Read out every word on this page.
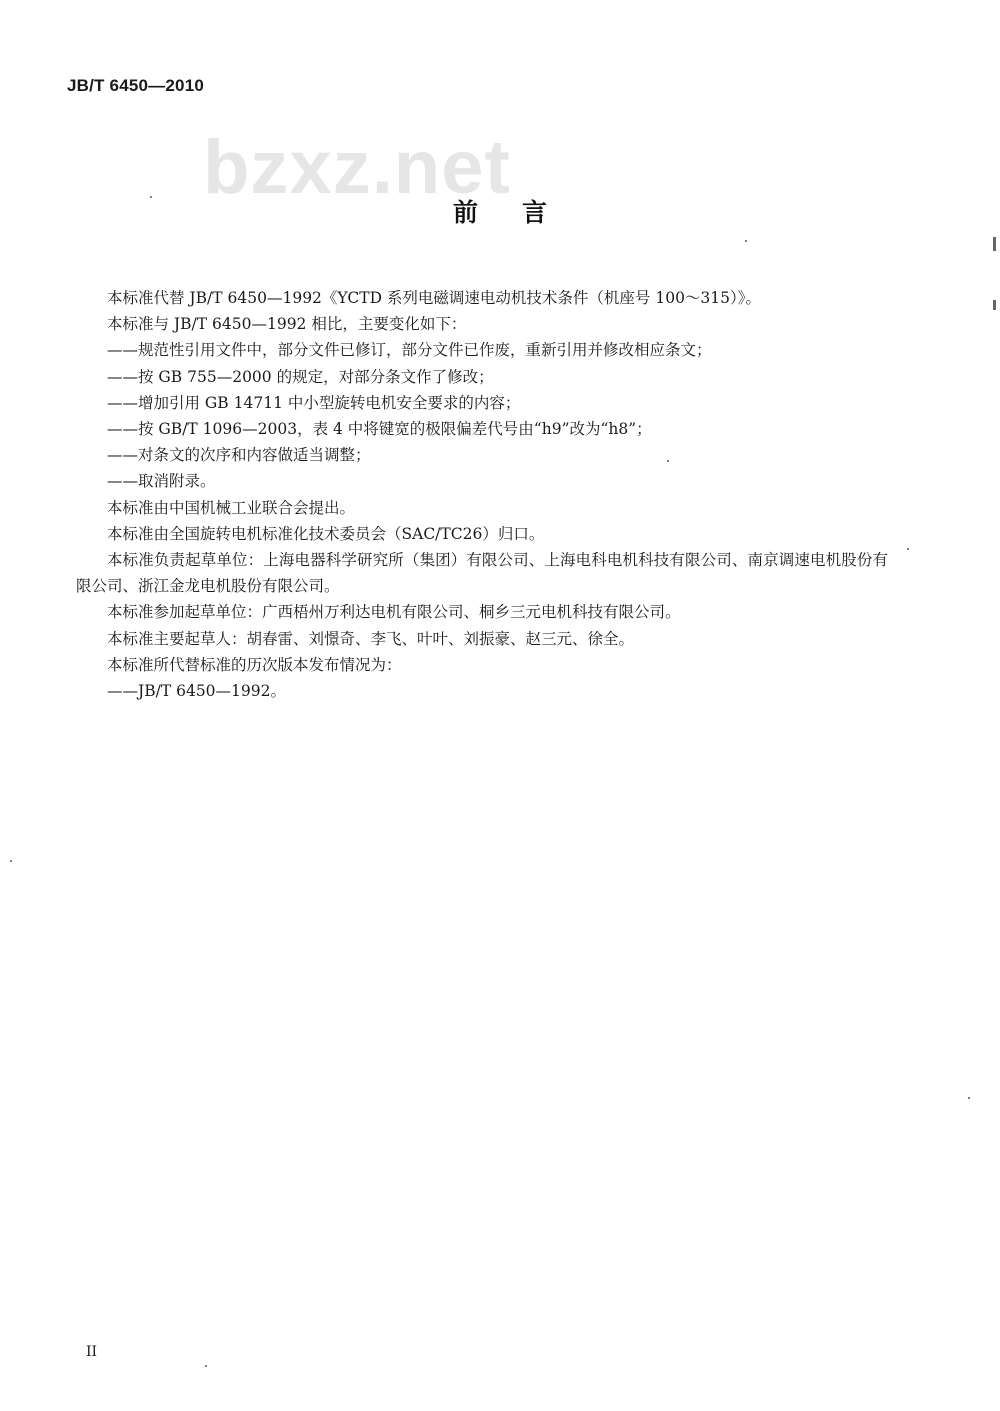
JB/T 6450—2010
bzxz.net
前言

本标准代替 JB/T 6450—1992《YCTD 系列电磁调速电动机技术条件（机座号 100～315）》。

本标准与 JB/T 6450—1992 相比，主要变化如下：

——规范性引用文件中，部分文件已修订，部分文件已作废，重新引用并修改相应条文；

——按 GB 755—2000 的规定，对部分条文作了修改；

——增加引用 GB 14711 中小型旋转电机安全要求的内容；

——按 GB/T 1096—2003，表 4 中将键宽的极限偏差代号由“h9”改为“h8”；

——对条文的次序和内容做适当调整；

——取消附录。

本标准由中国机械工业联合会提出。

本标准由全国旋转电机标准化技术委员会（SAC/TC26）归口。

本标准负责起草单位：上海电器科学研究所（集团）有限公司、上海电科电机科技有限公司、南京调速电机股份有限公司、浙江金龙电机股份有限公司。

本标准参加起草单位：广西梧州万利达电机有限公司、桐乡三元电机科技有限公司。

本标准主要起草人：胡春雷、刘憬奇、李飞、叶叶、刘振豪、赵三元、徐全。

本标准所代替标准的历次版本发布情况为：

——JB/T 6450—1992。

II
